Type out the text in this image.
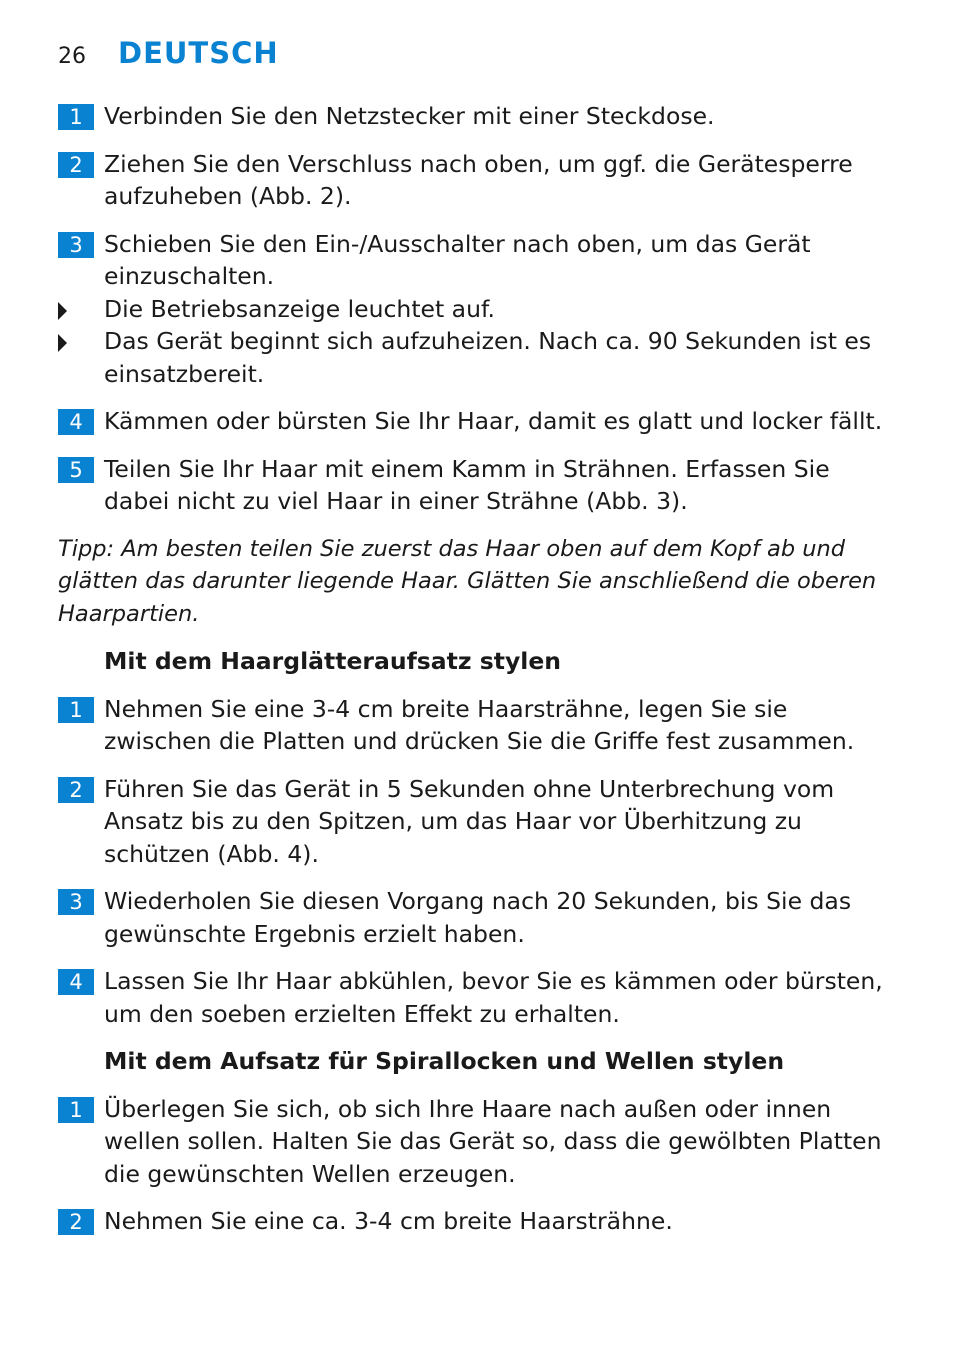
26	DEUTSCH
1 Verbinden Sie den Netzstecker mit einer Steckdose.
2 Ziehen Sie den Verschluss nach oben, um ggf. die Gerätesperre aufzuheben (Abb. 2).
3 Schieben Sie den Ein-/Ausschalter nach oben, um das Gerät einzuschalten.
Die Betriebsanzeige leuchtet auf.
Das Gerät beginnt sich aufzuheizen. Nach ca. 90 Sekunden ist es einsatzbereit.
4 Kämmen oder bürsten Sie Ihr Haar, damit es glatt und locker fällt.
5 Teilen Sie Ihr Haar mit einem Kamm in Strähnen. Erfassen Sie dabei nicht zu viel Haar in einer Strähne (Abb. 3).
Tipp: Am besten teilen Sie zuerst das Haar oben auf dem Kopf ab und glätten das darunter liegende Haar. Glätten Sie anschließend die oberen Haarpartien.
Mit dem Haarglätteraufsatz stylen
1 Nehmen Sie eine 3-4 cm breite Haarsträhne, legen Sie sie zwischen die Platten und drücken Sie die Griffe fest zusammen.
2 Führen Sie das Gerät in 5 Sekunden ohne Unterbrechung vom Ansatz bis zu den Spitzen, um das Haar vor Überhitzung zu schützen (Abb. 4).
3 Wiederholen Sie diesen Vorgang nach 20 Sekunden, bis Sie das gewünschte Ergebnis erzielt haben.
4 Lassen Sie Ihr Haar abkühlen, bevor Sie es kämmen oder bürsten, um den soeben erzielten Effekt zu erhalten.
Mit dem Aufsatz für Spirallocken und Wellen stylen
1 Überlegen Sie sich, ob sich Ihre Haare nach außen oder innen wellen sollen. Halten Sie das Gerät so, dass die gewölbten Platten die gewünschten Wellen erzeugen.
2 Nehmen Sie eine ca. 3-4 cm breite Haarsträhne.
